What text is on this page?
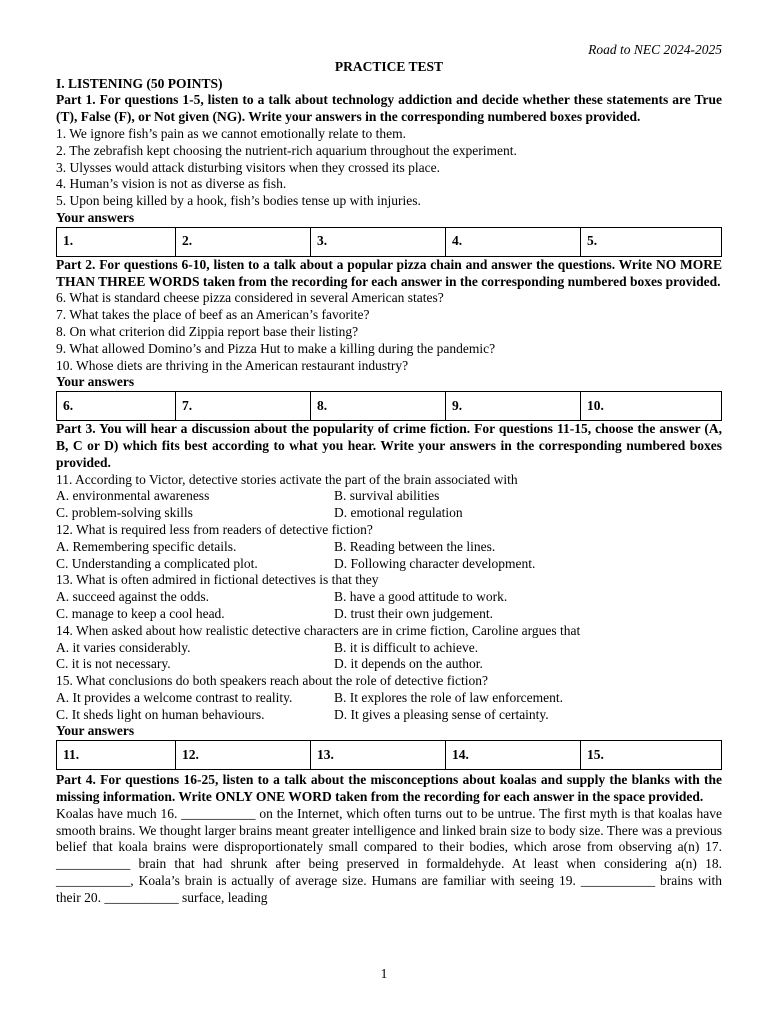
Road to NEC 2024-2025
PRACTICE TEST
I. LISTENING (50 POINTS)
Part 1. For questions 1-5, listen to a talk about technology addiction and decide whether these statements are True (T), False (F), or Not given (NG). Write your answers in the corresponding numbered boxes provided.
1. We ignore fish’s pain as we cannot emotionally relate to them.
2. The zebrafish kept choosing the nutrient-rich aquarium throughout the experiment.
3. Ulysses would attack disturbing visitors when they crossed its place.
4. Human’s vision is not as diverse as fish.
5. Upon being killed by a hook, fish’s bodies tense up with injuries.
Your answers
1.	2.	3.	4.	5.
Part 2. For questions 6-10, listen to a talk about a popular pizza chain and answer the questions. Write NO MORE THAN THREE WORDS taken from the recording for each answer in the corresponding numbered boxes provided.
6. What is standard cheese pizza considered in several American states?
7. What takes the place of beef as an American’s favorite?
8. On what criterion did Zippia report base their listing?
9. What allowed Domino’s and Pizza Hut to make a killing during the pandemic?
10. Whose diets are thriving in the American restaurant industry?
Your answers
6.	7.	8.	9.	10.
Part 3. You will hear a discussion about the popularity of crime fiction. For questions 11-15, choose the answer (A, B, C or D) which fits best according to what you hear. Write your answers in the corresponding numbered boxes provided.
11. According to Victor, detective stories activate the part of the brain associated with
A. environmental awareness	B. survival abilities
C. problem-solving skills	D. emotional regulation
12. What is required less from readers of detective fiction?
A. Remembering specific details.	B. Reading between the lines.
C. Understanding a complicated plot.	D. Following character development.
13. What is often admired in fictional detectives is that they
A. succeed against the odds.	B. have a good attitude to work.
C. manage to keep a cool head.	D. trust their own judgement.
14. When asked about how realistic detective characters are in crime fiction, Caroline argues that
A. it varies considerably.	B. it is difficult to achieve.
C. it is not necessary.	D. it depends on the author.
15. What conclusions do both speakers reach about the role of detective fiction?
A. It provides a welcome contrast to reality.	B. It explores the role of law enforcement.
C. It sheds light on human behaviours.	D. It gives a pleasing sense of certainty.
Your answers
11.	12.	13.	14.	15.
Part 4. For questions 16-25, listen to a talk about the misconceptions about koalas and supply the blanks with the missing information. Write ONLY ONE WORD taken from the recording for each answer in the space provided.
Koalas have much 16. ___________ on the Internet, which often turns out to be untrue. The first myth is that koalas have smooth brains. We thought larger brains meant greater intelligence and linked brain size to body size. There was a previous belief that koala brains were disproportionately small compared to their bodies, which arose from observing a(n) 17. ___________ brain that had shrunk after being preserved in formaldehyde. At least when considering a(n) 18. ___________, Koala’s brain is actually of average size. Humans are familiar with seeing 19. ___________ brains with their 20. ___________ surface, leading
1
